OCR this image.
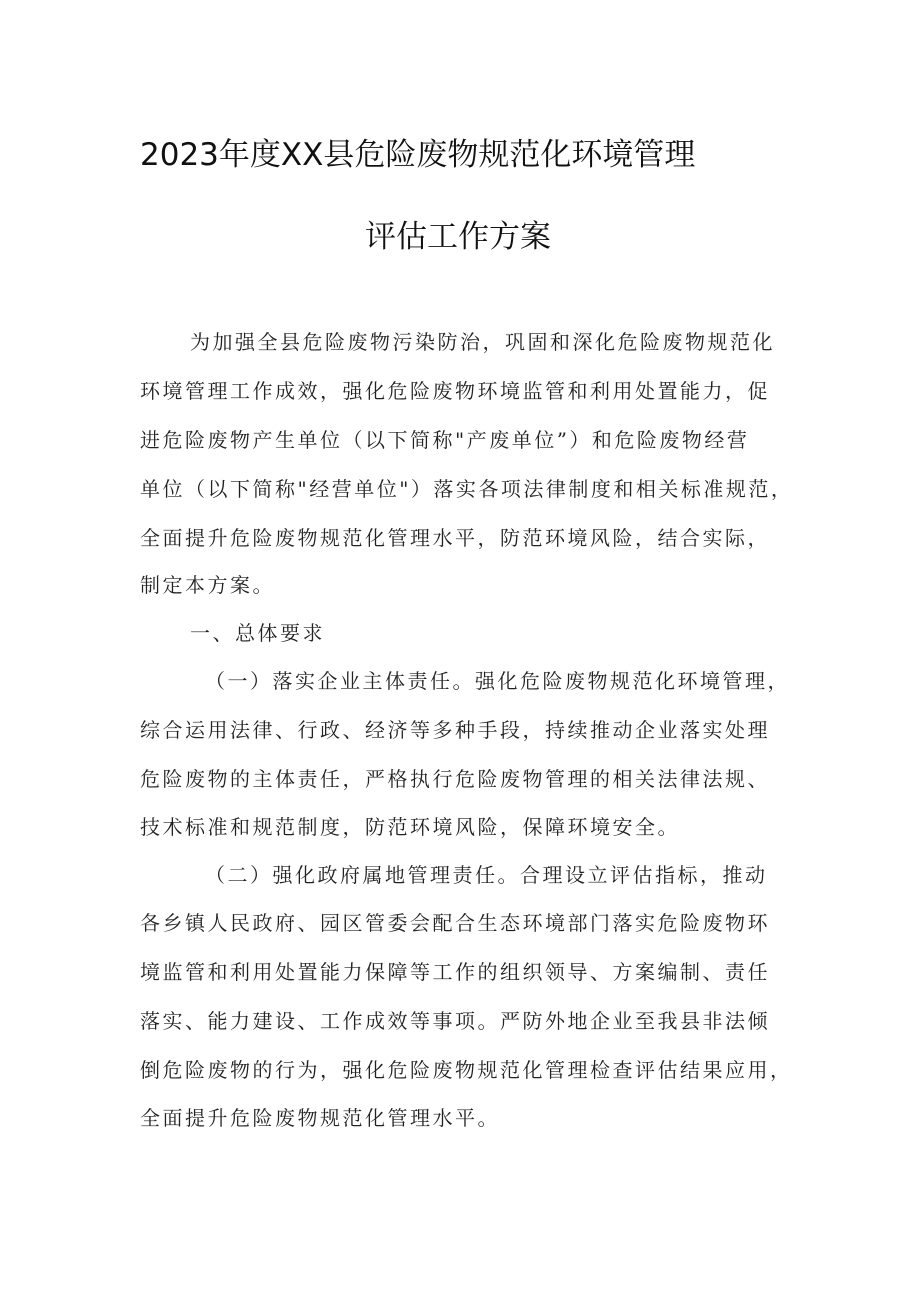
2023年度XX县危险废物规范化环境管理
评估工作方案
为加强全县危险废物污染防治，巩固和深化危险废物规范化
环境管理工作成效，强化危险废物环境监管和利用处置能力，促
进危险废物产生单位（以下简称"产废单位”）和危险废物经营
单位（以下简称"经营单位"）落实各项法律制度和相关标准规范，
全面提升危险废物规范化管理水平，防范环境风险，结合实际，
制定本方案。
一、总体要求
（一）落实企业主体责任。强化危险废物规范化环境管理，
综合运用法律、行政、经济等多种手段，持续推动企业落实处理
危险废物的主体责任，严格执行危险废物管理的相关法律法规、
技术标准和规范制度，防范环境风险，保障环境安全。
（二）强化政府属地管理责任。合理设立评估指标，推动
各乡镇人民政府、园区管委会配合生态环境部门落实危险废物环
境监管和利用处置能力保障等工作的组织领导、方案编制、责任
落实、能力建设、工作成效等事项。严防外地企业至我县非法倾
倒危险废物的行为，强化危险废物规范化管理检查评估结果应用，
全面提升危险废物规范化管理水平。
